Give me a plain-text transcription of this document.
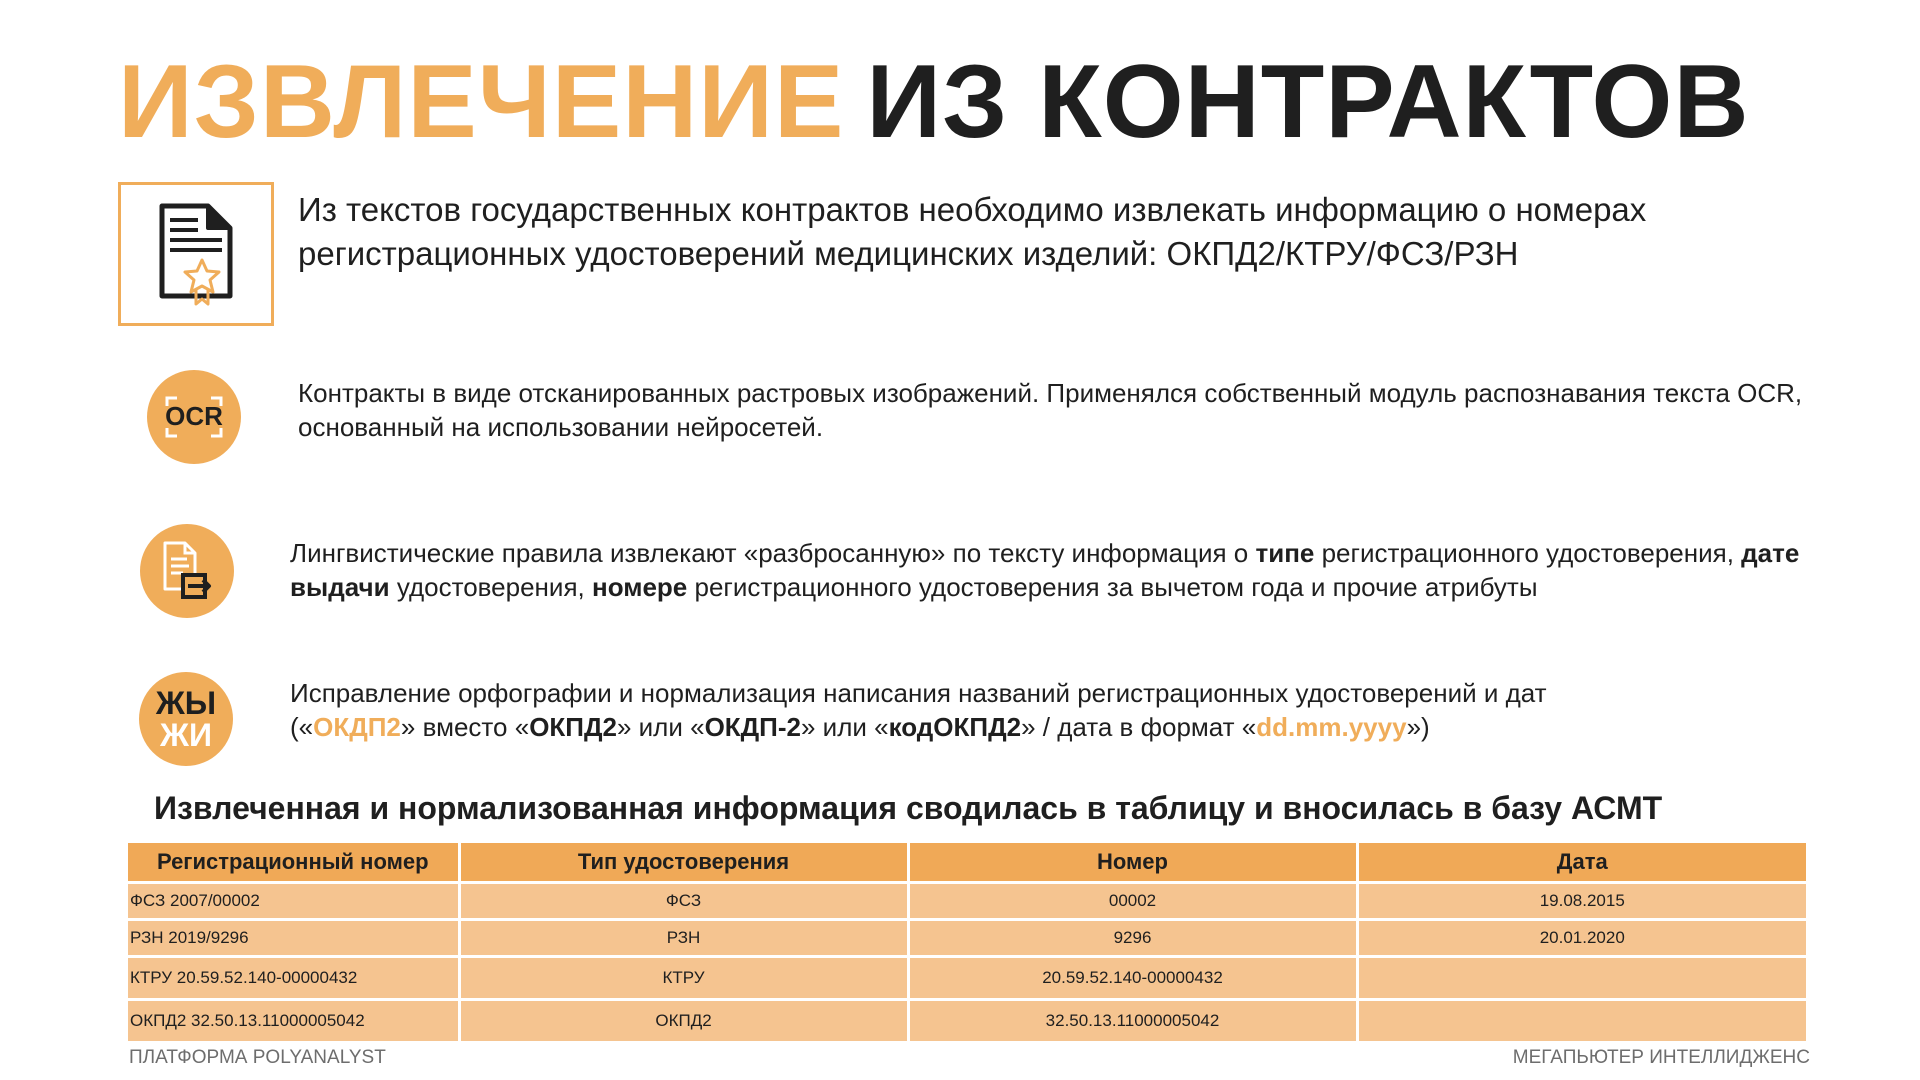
ИЗВЛЕЧЕНИЕ ИЗ КОНТРАКТОВ
Из текстов государственных контрактов необходимо извлекать информацию о номерах
регистрационных удостоверений медицинских изделий: ОКПД2/КТРУ/ФСЗ/РЗН
OCR
Контракты в виде отсканированных растровых изображений. Применялся собственный модуль распознавания текста OCR,
основанный на использовании нейросетей.
Лингвистические правила извлекают «разбросанную» по тексту информация о типе регистрационного удостоверения, дате
выдачи удостоверения, номере регистрационного удостоверения за вычетом года и прочие атрибуты
ЖЫ
ЖИ
Исправление орфографии и нормализация написания названий регистрационных удостоверений и дат
(«ОКДП2» вместо «ОКПД2» или «ОКДП-2» или «кодОКПД2» / дата в формат «dd.mm.yyyy»)
Извлеченная и нормализованная информация сводилась в таблицу и вносилась в базу АСМТ
Регистрационный номер	Тип удостоверения	Номер	Дата
ФСЗ 2007/00002	ФСЗ	00002	19.08.2015
РЗН 2019/9296	РЗН	9296	20.01.2020
КТРУ 20.59.52.140-00000432	КТРУ	20.59.52.140-00000432	
ОКПД2 32.50.13.11000005042	ОКПД2	32.50.13.11000005042	
ПЛАТФОРМА POLYANALYST	МЕГАПЬЮТЕР ИНТЕЛЛИДЖЕНС
